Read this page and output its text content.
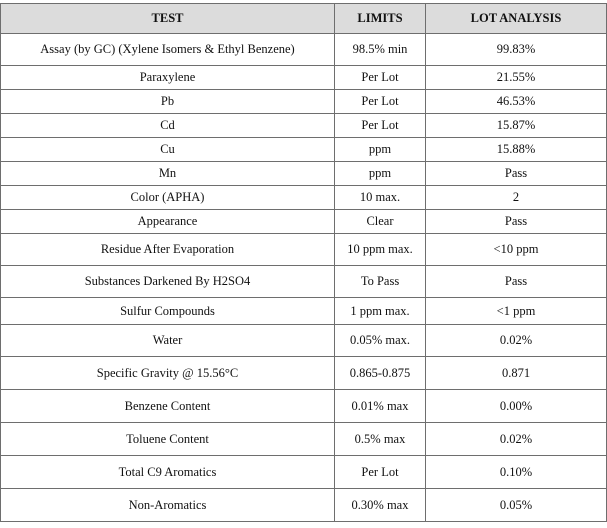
TEST	LIMITS	LOT ANALYSIS
Assay (by GC) (Xylene Isomers & Ethyl Benzene)	98.5% min	99.83%
Paraxylene	Per Lot	21.55%
Pb	Per Lot	46.53%
Cd	Per Lot	15.87%
Cu	ppm	15.88%
Mn	ppm	Pass
Color (APHA)	10 max.	2
Appearance	Clear	Pass
Residue After Evaporation	10 ppm max.	<10 ppm
Substances Darkened By H2SO4	To Pass	Pass
Sulfur Compounds	1 ppm max.	<1 ppm
Water	0.05% max.	0.02%
Specific Gravity @ 15.56°C	0.865-0.875	0.871
Benzene Content	0.01% max	0.00%
Toluene Content	0.5% max	0.02%
Total C9 Aromatics	Per Lot	0.10%
Non-Aromatics	0.30% max	0.05%
